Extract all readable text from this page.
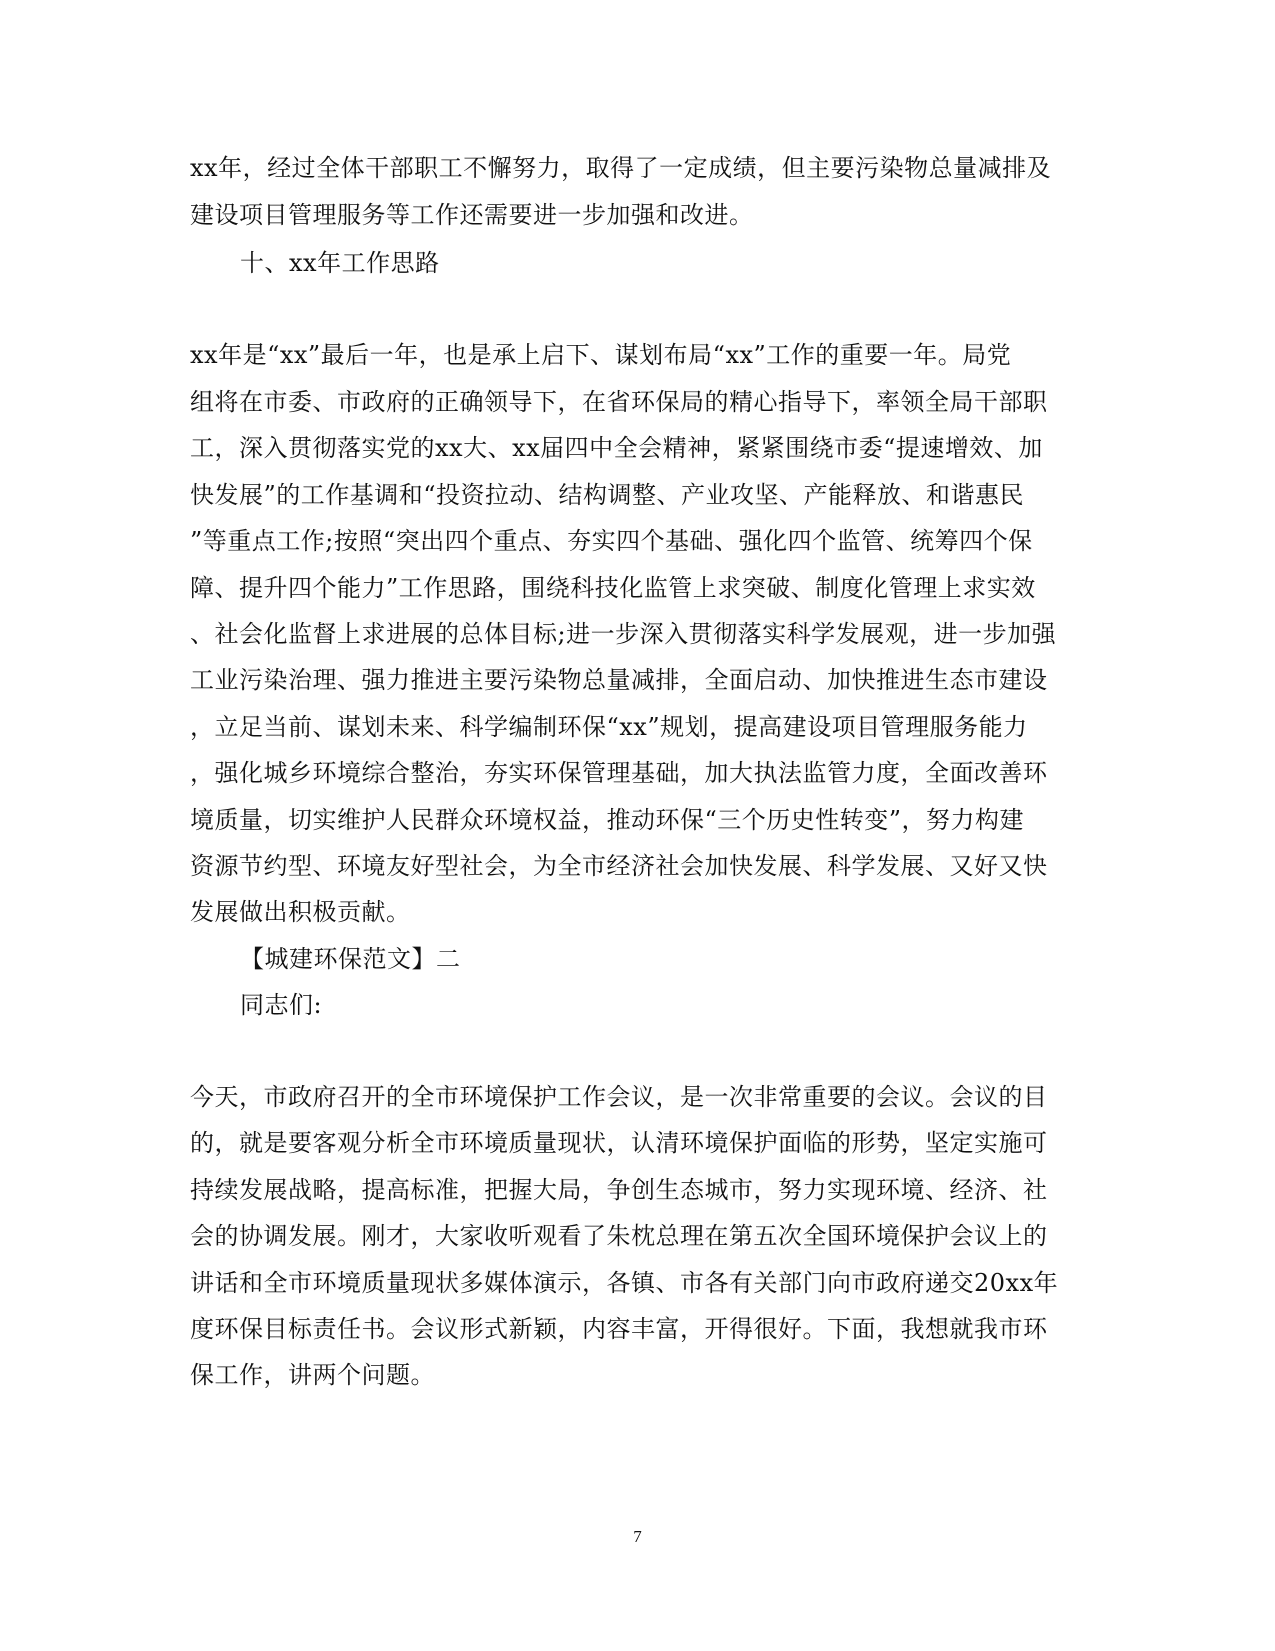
xx年，经过全体干部职工不懈努力，取得了一定成绩，但主要污染物总量减排及
建设项目管理服务等工作还需要进一步加强和改进。
十、xx年工作思路
xx年是“xx”最后一年，也是承上启下、谋划布局“xx”工作的重要一年。局党
组将在市委、市政府的正确领导下，在省环保局的精心指导下，率领全局干部职
工，深入贯彻落实党的xx大、xx届四中全会精神，紧紧围绕市委“提速增效、加
快发展”的工作基调和“投资拉动、结构调整、产业攻坚、产能释放、和谐惠民
”等重点工作;按照“突出四个重点、夯实四个基础、强化四个监管、统筹四个保
障、提升四个能力”工作思路，围绕科技化监管上求突破、制度化管理上求实效
、社会化监督上求进展的总体目标;进一步深入贯彻落实科学发展观，进一步加强
工业污染治理、强力推进主要污染物总量减排，全面启动、加快推进生态市建设
，立足当前、谋划未来、科学编制环保“xx”规划，提高建设项目管理服务能力
，强化城乡环境综合整治，夯实环保管理基础，加大执法监管力度，全面改善环
境质量，切实维护人民群众环境权益，推动环保“三个历史性转变”，努力构建
资源节约型、环境友好型社会，为全市经济社会加快发展、科学发展、又好又快
发展做出积极贡献。
【城建环保范文】二
同志们:
今天，市政府召开的全市环境保护工作会议，是一次非常重要的会议。会议的目
的，就是要客观分析全市环境质量现状，认清环境保护面临的形势，坚定实施可
持续发展战略，提高标准，把握大局，争创生态城市，努力实现环境、经济、社
会的协调发展。刚才，大家收听观看了朱枕总理在第五次全国环境保护会议上的
讲话和全市环境质量现状多媒体演示，各镇、市各有关部门向市政府递交20xx年
度环保目标责任书。会议形式新颖，内容丰富，开得很好。下面，我想就我市环
保工作，讲两个问题。
7
